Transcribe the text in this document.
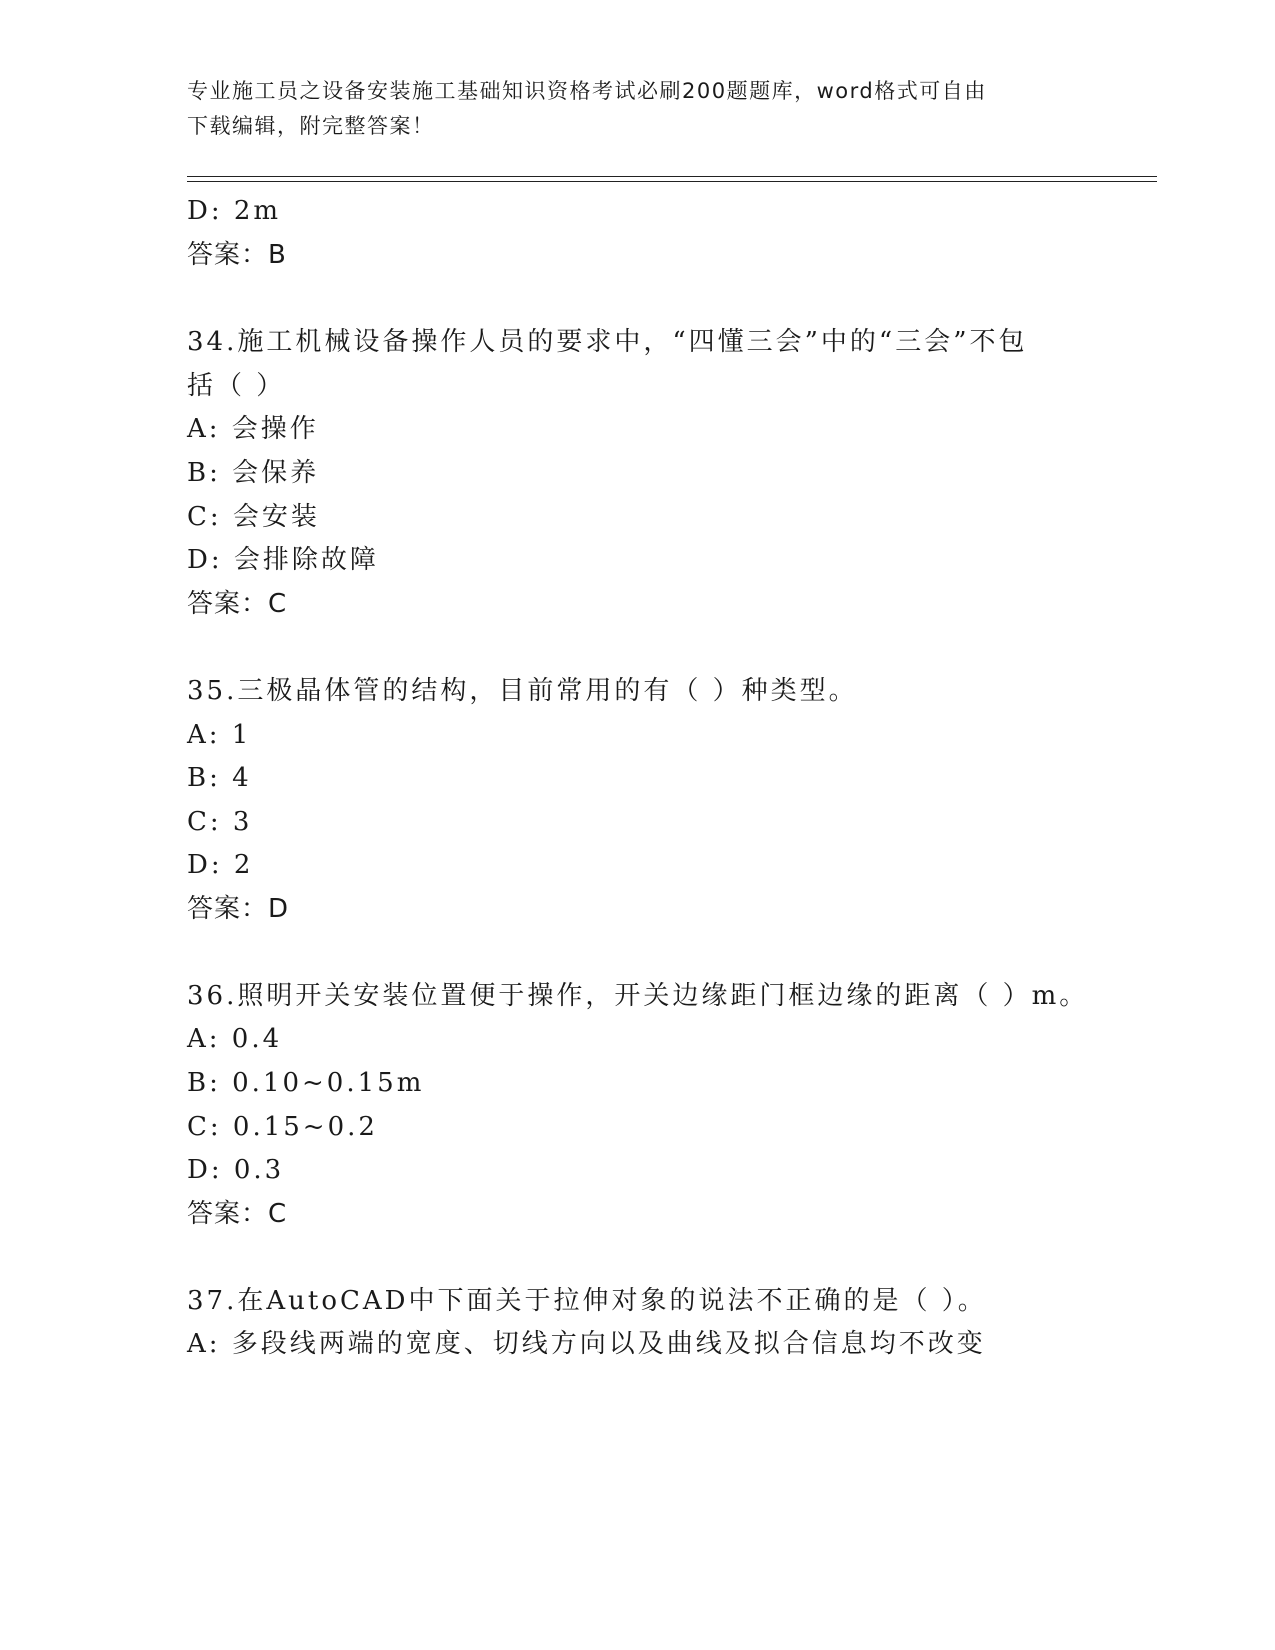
专业施工员之设备安装施工基础知识资格考试必刷200题题库，word格式可自由
下载编辑，附完整答案！
D: 2m
答案：B
34.施工机械设备操作人员的要求中，“四懂三会”中的“三会”不包
括（ ）
A: 会操作
B: 会保养
C: 会安装
D: 会排除故障
答案：C
35.三极晶体管的结构，目前常用的有（ ）种类型。
A: 1
B: 4
C: 3
D: 2
答案：D
36.照明开关安装位置便于操作，开关边缘距门框边缘的距离（ ）m。
A: 0.4
B: 0.10~0.15m
C: 0.15~0.2
D: 0.3
答案：C
37.在AutoCAD中下面关于拉伸对象的说法不正确的是（ ）。
A: 多段线两端的宽度、切线方向以及曲线及拟合信息均不改变
